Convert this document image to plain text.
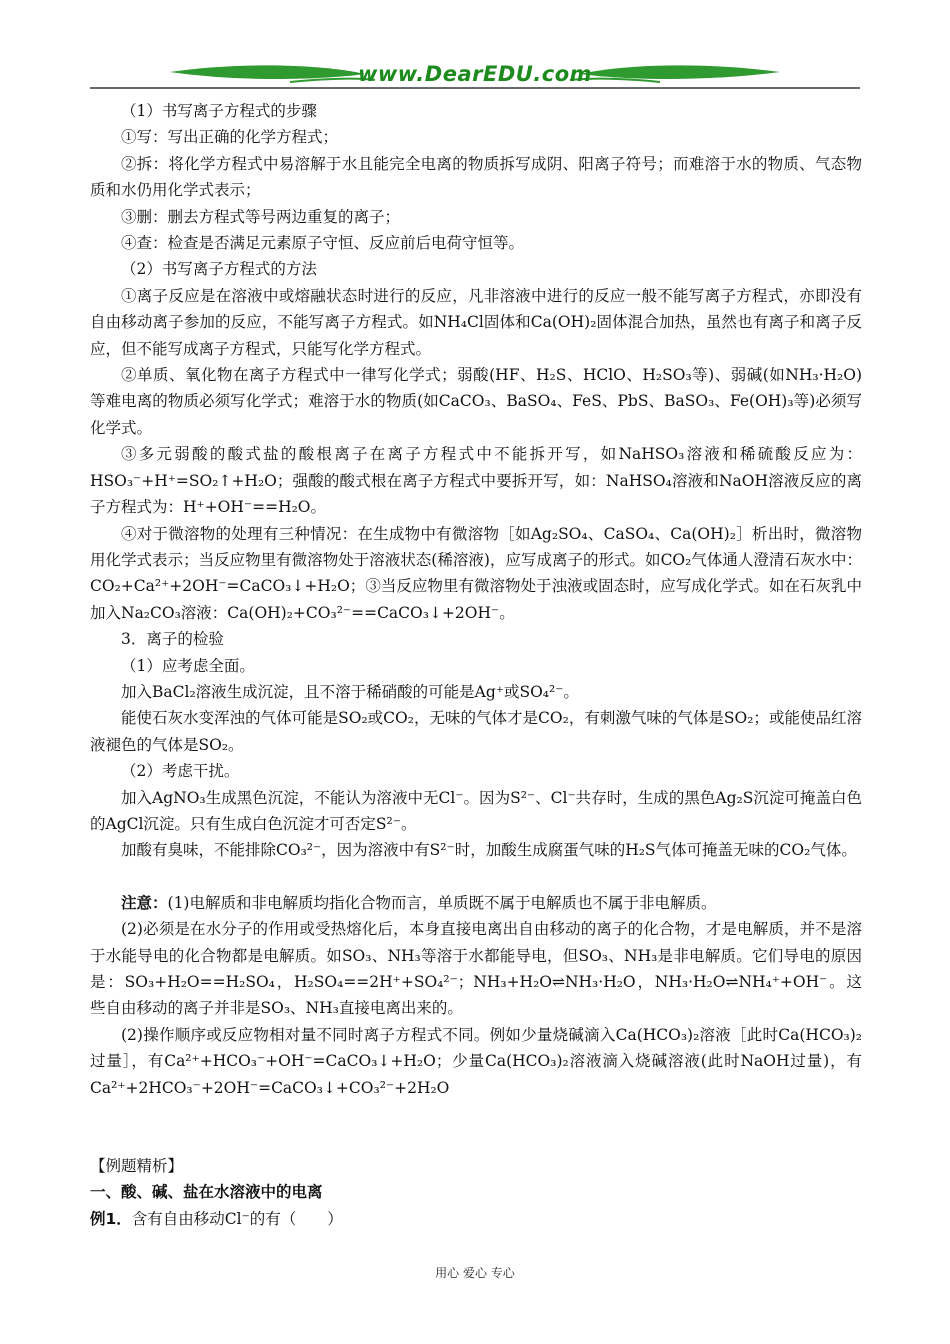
www.DearEDU.com

（1）书写离子方程式的步骤

①写：写出正确的化学方程式；

②拆：将化学方程式中易溶解于水且能完全电离的物质拆写成阴、阳离子符号；而难溶于水的物质、气态物质和水仍用化学式表示；

③删：删去方程式等号两边重复的离子；

④查：检查是否满足元素原子守恒、反应前后电荷守恒等。

（2）书写离子方程式的方法

①离子反应是在溶液中或熔融状态时进行的反应，凡非溶液中进行的反应一般不能写离子方程式，亦即没有自由移动离子参加的反应，不能写离子方程式。如NH₄Cl固体和Ca(OH)₂固体混合加热，虽然也有离子和离子反应，但不能写成离子方程式，只能写化学方程式。

②单质、氧化物在离子方程式中一律写化学式；弱酸(HF、H₂S、HClO、H₂SO₃等)、弱碱(如NH₃·H₂O) 等难电离的物质必须写化学式；难溶于水的物质(如CaCO₃、BaSO₄、FeS、PbS、BaSO₃、Fe(OH)₃等)必须写化学式。

③多元弱酸的酸式盐的酸根离子在离子方程式中不能拆开写，如NaHSO₃溶液和稀硫酸反应为：HSO₃⁻+H⁺=SO₂↑+H₂O；强酸的酸式根在离子方程式中要拆开写，如：NaHSO₄溶液和NaOH溶液反应的离子方程式为：H⁺+OH⁻==H₂O。

④对于微溶物的处理有三种情况：在生成物中有微溶物［如Ag₂SO₄、CaSO₄、Ca(OH)₂］析出时，微溶物用化学式表示；当反应物里有微溶物处于溶液状态(稀溶液)，应写成离子的形式。如CO₂气体通人澄清石灰水中：CO₂+Ca²⁺+2OH⁻=CaCO₃↓+H₂O；③当反应物里有微溶物处于浊液或固态时，应写成化学式。如在石灰乳中加入Na₂CO₃溶液：Ca(OH)₂+CO₃²⁻==CaCO₃↓+2OH⁻。

3．离子的检验

（1）应考虑全面。

加入BaCl₂溶液生成沉淀，且不溶于稀硝酸的可能是Ag⁺或SO₄²⁻。

能使石灰水变浑浊的气体可能是SO₂或CO₂，无味的气体才是CO₂，有刺激气味的气体是SO₂；或能使品红溶液褪色的气体是SO₂。

（2）考虑干扰。

加入AgNO₃生成黑色沉淀，不能认为溶液中无Cl⁻。因为S²⁻、Cl⁻共存时，生成的黑色Ag₂S沉淀可掩盖白色的AgCl沉淀。只有生成白色沉淀才可否定S²⁻。

加酸有臭味，不能排除CO₃²⁻，因为溶液中有S²⁻时，加酸生成腐蛋气味的H₂S气体可掩盖无味的CO₂气体。

注意：(1)电解质和非电解质均指化合物而言，单质既不属于电解质也不属于非电解质。

(2)必须是在水分子的作用或受热熔化后，本身直接电离出自由移动的离子的化合物，才是电解质，并不是溶于水能导电的化合物都是电解质。如SO₃、NH₃等溶于水都能导电，但SO₃、NH₃是非电解质。它们导电的原因是：SO₃+H₂O==H₂SO₄，H₂SO₄==2H⁺+SO₄²⁻；NH₃+H₂O⇌NH₃·H₂O，NH₃·H₂O⇌NH₄⁺+OH⁻。这些自由移动的离子并非是SO₃、NH₃直接电离出来的。

(2)操作顺序或反应物相对量不同时离子方程式不同。例如少量烧碱滴入Ca(HCO₃)₂溶液［此时Ca(HCO₃)₂过量］，有Ca²⁺+HCO₃⁻+OH⁻=CaCO₃↓+H₂O；少量Ca(HCO₃)₂溶液滴入烧碱溶液(此时NaOH过量)，有Ca²⁺+2HCO₃⁻+2OH⁻=CaCO₃↓+CO₃²⁻+2H₂O

【例题精析】

一、酸、碱、盐在水溶液中的电离

例1．含有自由移动Cl⁻的有（　　）

用心 爱心 专心
